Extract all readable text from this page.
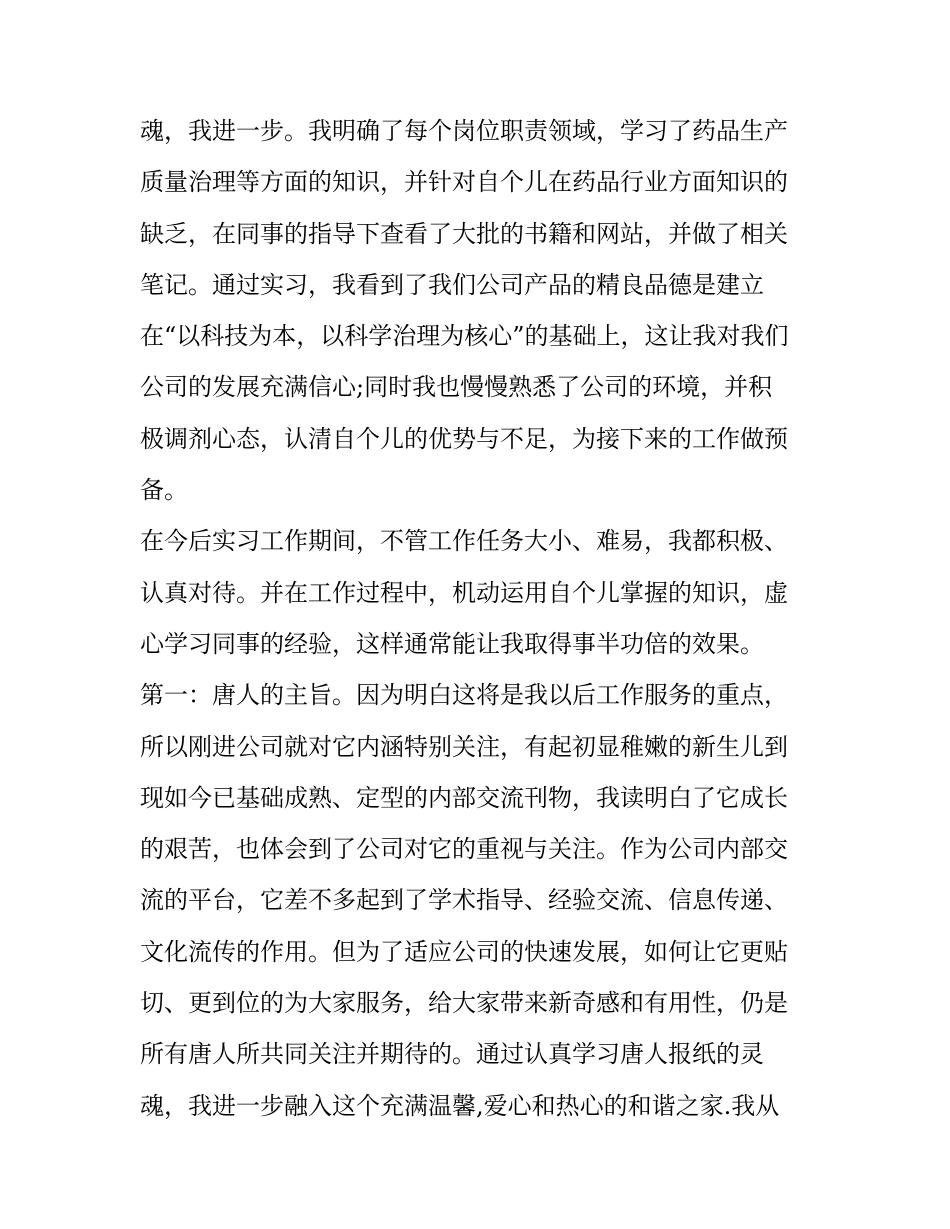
魂，我进一步。我明确了每个岗位职责领域，学习了药品生产
质量治理等方面的知识，并针对自个儿在药品行业方面知识的
缺乏，在同事的指导下查看了大批的书籍和网站，并做了相关
笔记。通过实习，我看到了我们公司产品的精良品德是建立
在“以科技为本，以科学治理为核心”的基础上，这让我对我们
公司的发展充满信心;同时我也慢慢熟悉了公司的环境，并积
极调剂心态，认清自个儿的优势与不足，为接下来的工作做预
备。
在今后实习工作期间，不管工作任务大小、难易，我都积极、
认真对待。并在工作过程中，机动运用自个儿掌握的知识，虚
心学习同事的经验，这样通常能让我取得事半功倍的效果。
第一：唐人的主旨。因为明白这将是我以后工作服务的重点，
所以刚进公司就对它内涵特别关注，有起初显稚嫩的新生儿到
现如今已基础成熟、定型的内部交流刊物，我读明白了它成长
的艰苦，也体会到了公司对它的重视与关注。作为公司内部交
流的平台，它差不多起到了学术指导、经验交流、信息传递、
文化流传的作用。但为了适应公司的快速发展，如何让它更贴
切、更到位的为大家服务，给大家带来新奇感和有用性，仍是
所有唐人所共同关注并期待的。通过认真学习唐人报纸的灵
魂，我进一步融入这个充满温馨,爱心和热心的和谐之家.我从
